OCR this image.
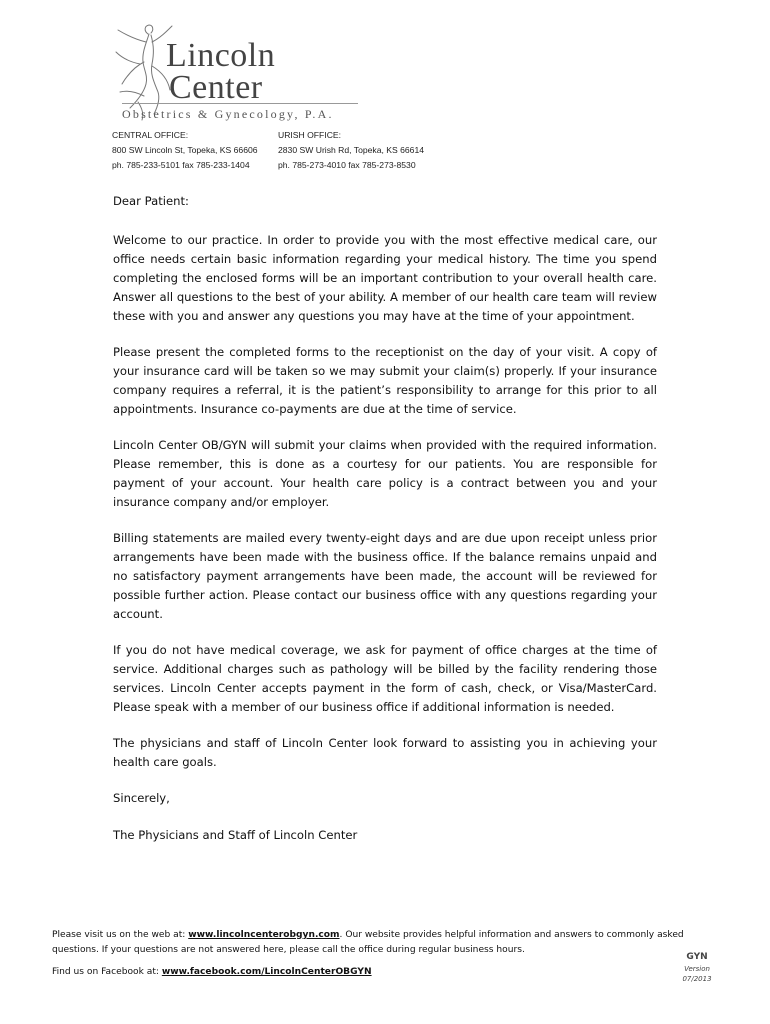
Lincoln
Center
Obstetrics & Gynecology, P.A.
CENTRAL OFFICE:
800 SW Lincoln St, Topeka, KS 66606
ph. 785-233-5101 fax 785-233-1404
URISH OFFICE:
2830 SW Urish Rd, Topeka, KS 66614
ph. 785-273-4010 fax 785-273-8530

Dear Patient:

Welcome to our practice. In order to provide you with the most effective medical care, our office needs certain basic information regarding your medical history. The time you spend completing the enclosed forms will be an important contribution to your overall health care. Answer all questions to the best of your ability. A member of our health care team will review these with you and answer any questions you may have at the time of your appointment.

Please present the completed forms to the receptionist on the day of your visit. A copy of your insurance card will be taken so we may submit your claim(s) properly. If your insurance company requires a referral, it is the patient’s responsibility to arrange for this prior to all appointments. Insurance co-payments are due at the time of service.

Lincoln Center OB/GYN will submit your claims when provided with the required information. Please remember, this is done as a courtesy for our patients. You are responsible for payment of your account. Your health care policy is a contract between you and your insurance company and/or employer.

Billing statements are mailed every twenty-eight days and are due upon receipt unless prior arrangements have been made with the business office. If the balance remains unpaid and no satisfactory payment arrangements have been made, the account will be reviewed for possible further action. Please contact our business office with any questions regarding your account.

If you do not have medical coverage, we ask for payment of office charges at the time of service. Additional charges such as pathology will be billed by the facility rendering those services. Lincoln Center accepts payment in the form of cash, check, or Visa/MasterCard. Please speak with a member of our business office if additional information is needed.

The physicians and staff of Lincoln Center look forward to assisting you in achieving your health care goals.

Sincerely,

The Physicians and Staff of Lincoln Center

Please visit us on the web at: www.lincolncenterobgyn.com. Our website provides helpful information and answers to commonly asked questions. If your questions are not answered here, please call the office during regular business hours.
Find us on Facebook at: www.facebook.com/LincolnCenterOBGYN
GYN
Version
07/2013
